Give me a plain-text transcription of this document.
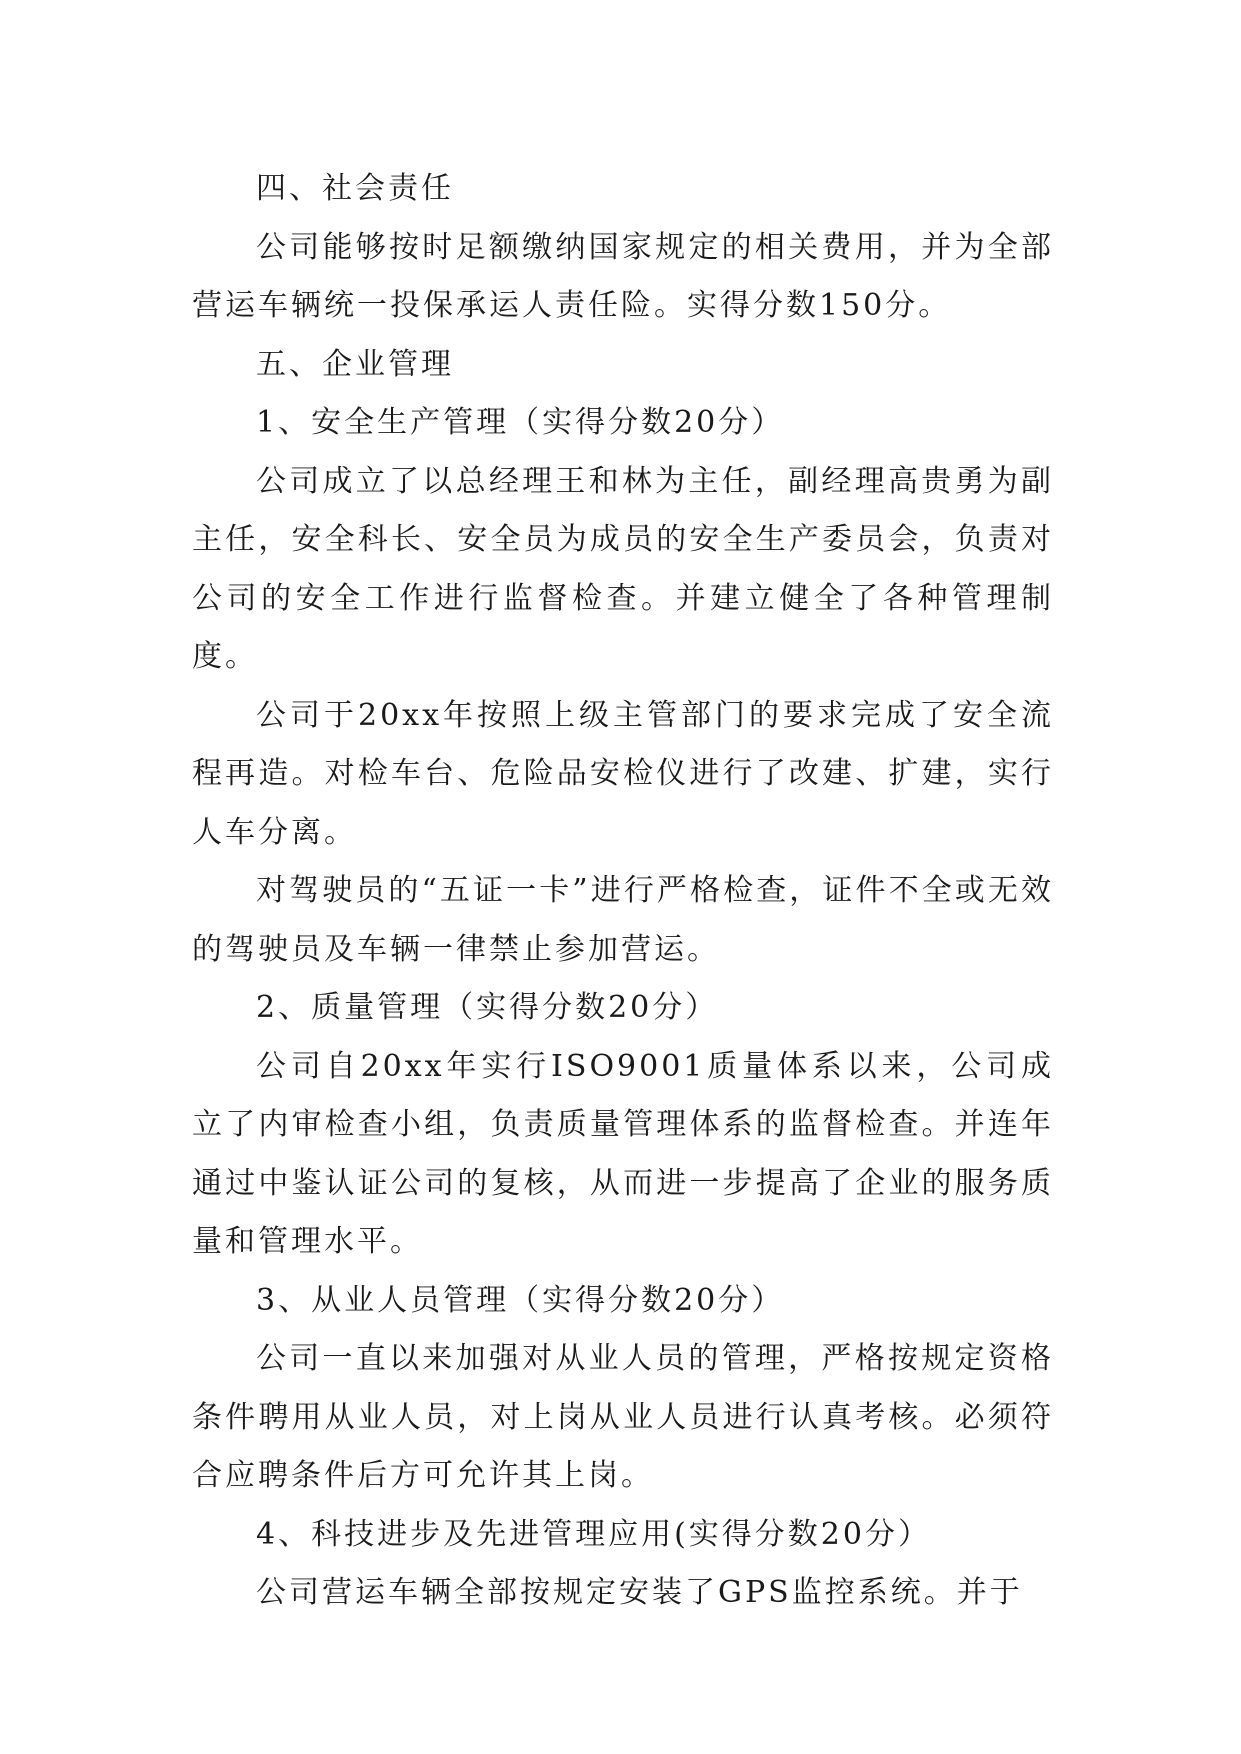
四、社会责任

公司能够按时足额缴纳国家规定的相关费用，并为全部营运车辆统一投保承运人责任险。实得分数150分。

五、企业管理

1、安全生产管理（实得分数20分）

公司成立了以总经理王和林为主任，副经理高贵勇为副主任，安全科长、安全员为成员的安全生产委员会，负责对公司的安全工作进行监督检查。并建立健全了各种管理制度。

公司于20xx年按照上级主管部门的要求完成了安全流程再造。对检车台、危险品安检仪进行了改建、扩建，实行人车分离。

对驾驶员的“五证一卡”进行严格检查，证件不全或无效的驾驶员及车辆一律禁止参加营运。

2、质量管理（实得分数20分）

公司自20xx年实行ISO9001质量体系以来，公司成立了内审检查小组，负责质量管理体系的监督检查。并连年通过中鉴认证公司的复核，从而进一步提高了企业的服务质量和管理水平。

3、从业人员管理（实得分数20分）

公司一直以来加强对从业人员的管理，严格按规定资格条件聘用从业人员，对上岗从业人员进行认真考核。必须符合应聘条件后方可允许其上岗。

4、科技进步及先进管理应用(实得分数20分）

公司营运车辆全部按规定安装了GPS监控系统。并于
